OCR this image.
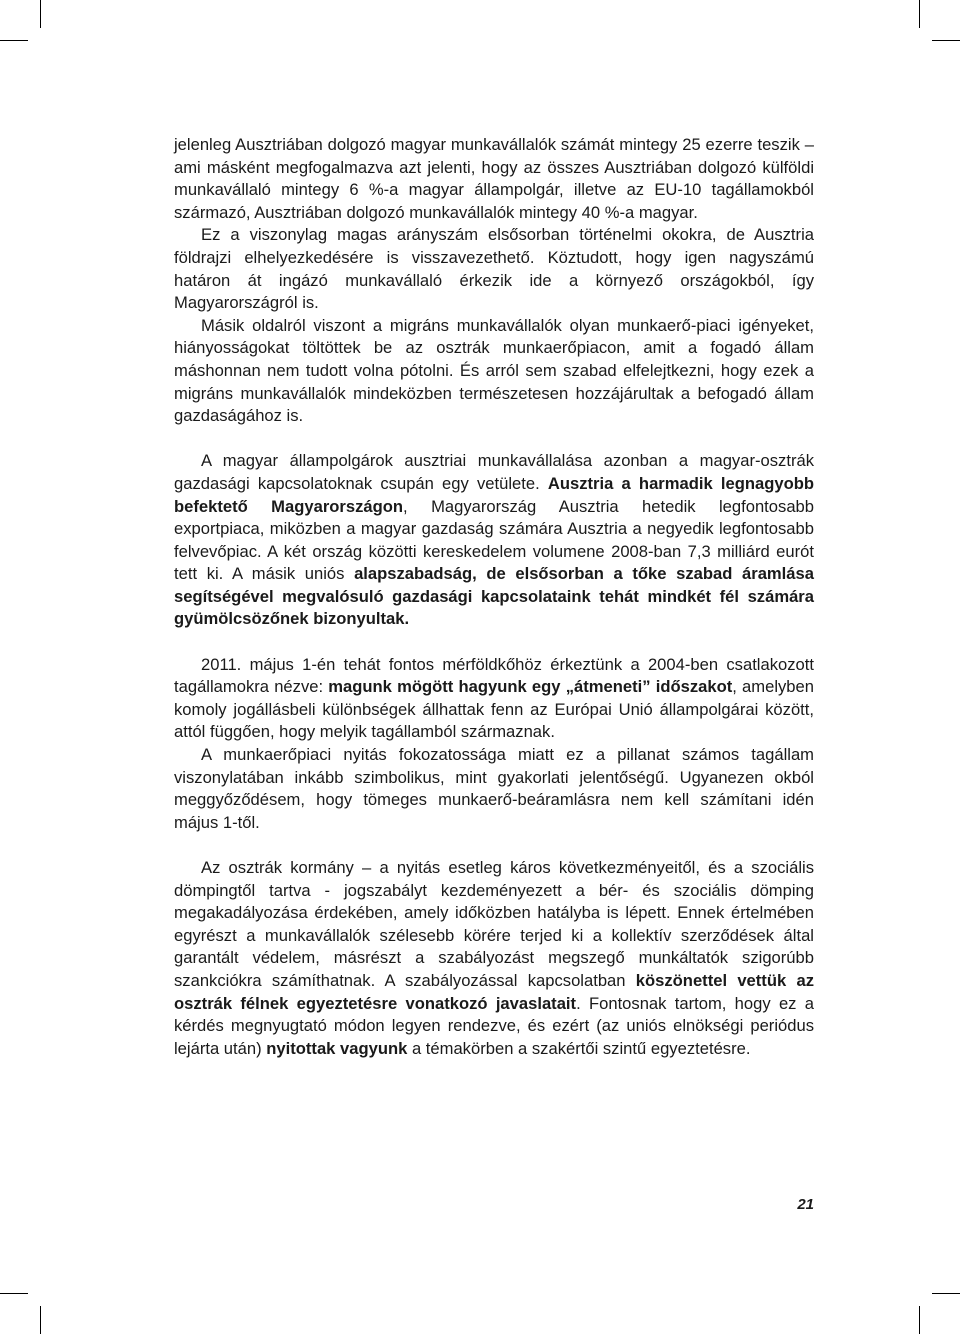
jelenleg Ausztriában dolgozó magyar munkavállalók számát mintegy 25 ezerre teszik – ami másként megfogalmazva azt jelenti, hogy az összes Ausztriában dolgozó külföldi munkavállaló mintegy 6 %-a magyar állampolgár, illetve az EU-10 tagállamokból származó, Ausztriában dolgozó munkavállalók mintegy 40 %-a magyar.

Ez a viszonylag magas arányszám elsősorban történelmi okokra, de Ausztria földrajzi elhelyezkedésére is visszavezethető. Köztudott, hogy igen nagyszámú határon át ingázó munkavállaló érkezik ide a környező országokból, így Magyarországról is.

Másik oldalról viszont a migráns munkavállalók olyan munkaerő-piaci igényeket, hiányosságokat töltöttek be az osztrák munkaerőpiacon, amit a fogadó állam máshonnan nem tudott volna pótolni. És arról sem szabad elfelejtkezni, hogy ezek a migráns munkavállalók mindeközben természetesen hozzájárultak a befogadó állam gazdaságához is.

A magyar állampolgárok ausztriai munkavállalása azonban a magyar-osztrák gazdasági kapcsolatoknak csupán egy vetülete. Ausztria a harmadik legnagyobb befektető Magyarországon, Magyarország Ausztria hetedik legfontosabb exportpiaca, miközben a magyar gazdaság számára Ausztria a negyedik legfontosabb felvevőpiac. A két ország közötti kereskedelem volumene 2008-ban 7,3 milliárd eurót tett ki. A másik uniós alapszabadság, de elsősorban a tőke szabad áramlása segítségével megvalósuló gazdasági kapcsolataink tehát mindkét fél számára gyümölcsözőnek bizonyultak.

2011. május 1-én tehát fontos mérföldkőhöz érkeztünk a 2004-ben csatlakozott tagállamokra nézve: magunk mögött hagyunk egy „átmeneti” időszakot, amelyben komoly jogállásbeli különbségek állhattak fenn az Európai Unió állampolgárai között, attól függően, hogy melyik tagállamból származnak.

A munkaerőpiaci nyitás fokozatossága miatt ez a pillanat számos tagállam viszonylatában inkább szimbolikus, mint gyakorlati jelentőségű. Ugyanezen okból meggyőződésem, hogy tömeges munkaerő-beáramlásra nem kell számítani idén május 1-től.

Az osztrák kormány – a nyitás esetleg káros következményeitől, és a szociális dömpingtől tartva - jogszabályt kezdeményezett a bér- és szociális dömping megakadályozása érdekében, amely időközben hatályba is lépett. Ennek értelmében egyrészt a munkavállalók szélesebb körére terjed ki a kollektív szerződések által garantált védelem, másrészt a szabályozást megszegő munkáltatók szigorúbb szankciókra számíthatnak. A szabályozással kapcsolatban köszönettel vettük az osztrák félnek egyeztetésre vonatkozó javaslatait. Fontosnak tartom, hogy ez a kérdés megnyugtató módon legyen rendezve, és ezért (az uniós elnökségi periódus lejárta után) nyitottak vagyunk a témakörben a szakértői szintű egyeztetésre.

21
